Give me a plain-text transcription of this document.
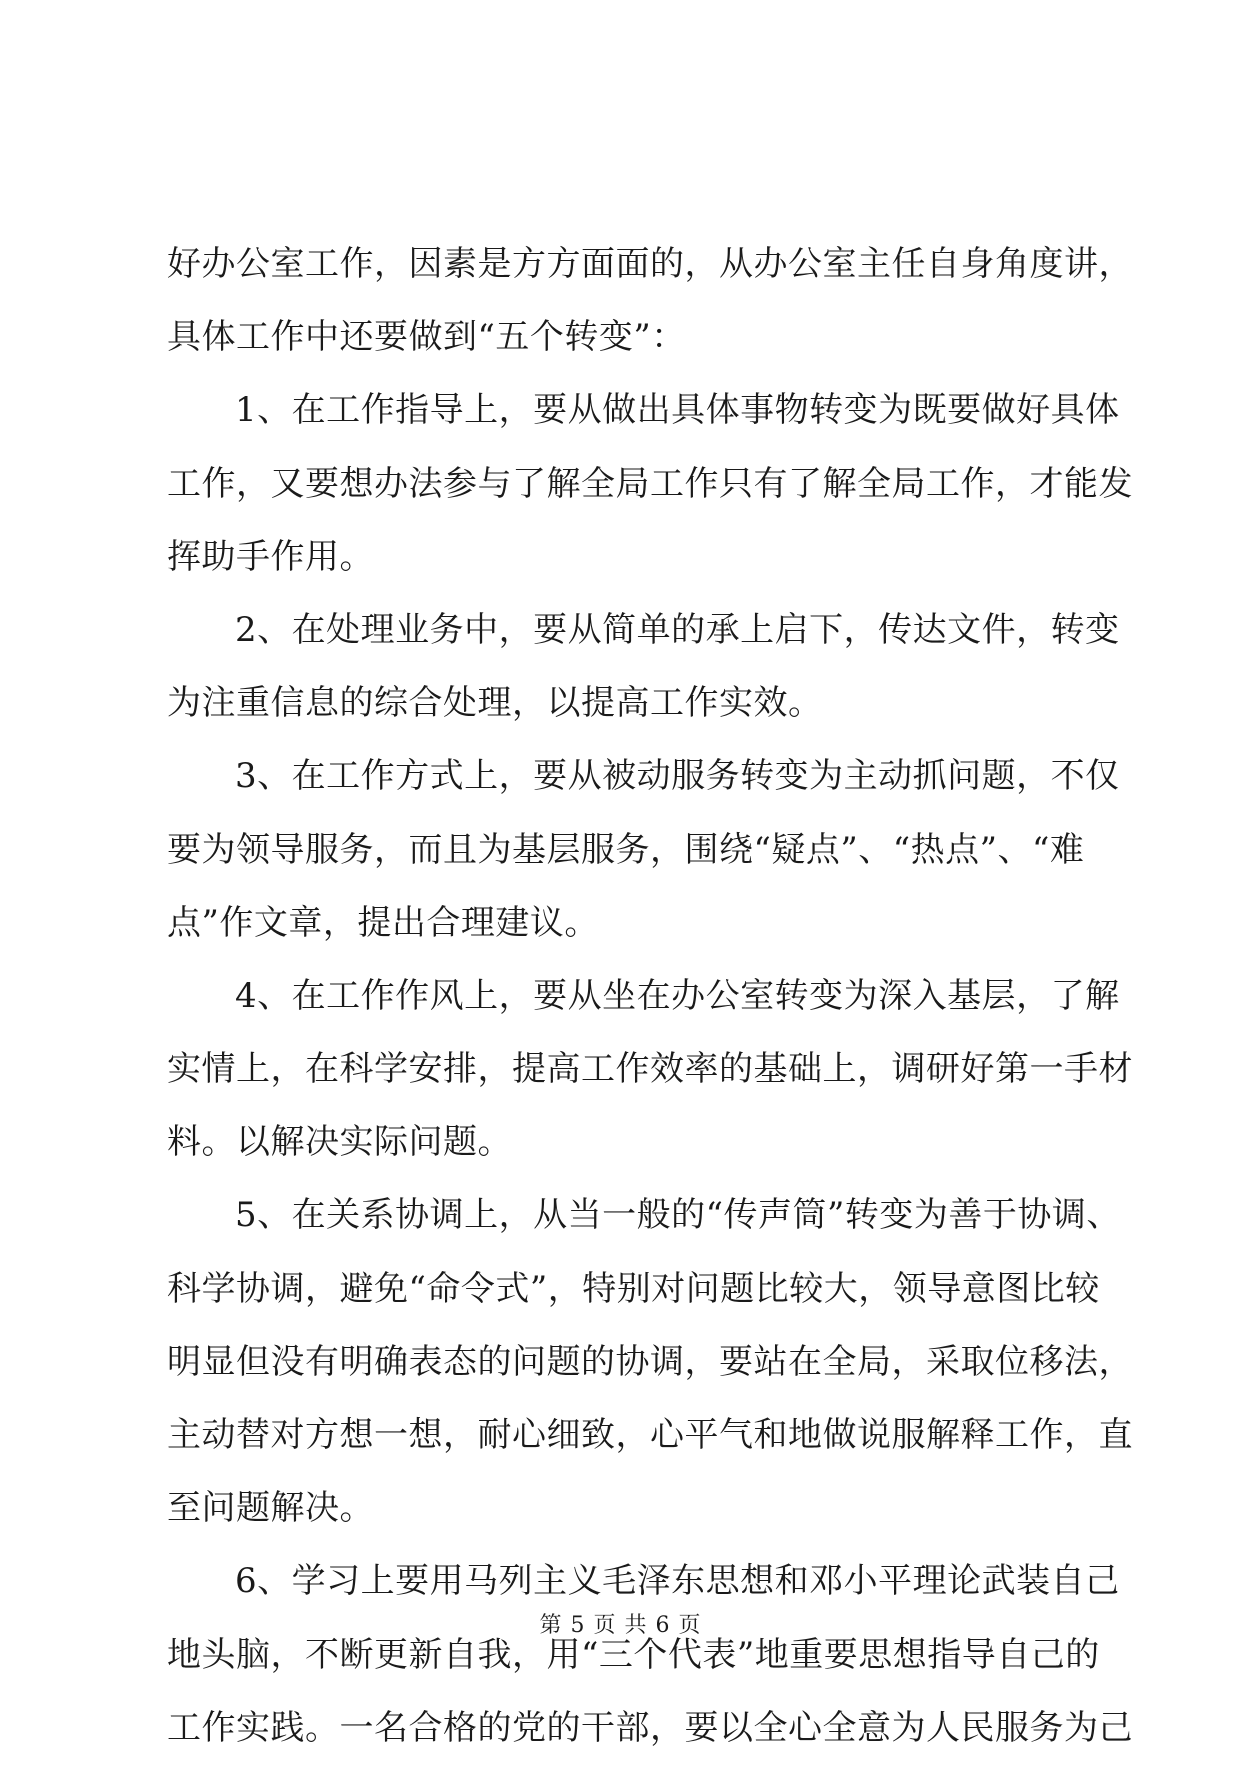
好办公室工作，因素是方方面面的，从办公室主任自身角度讲，
具体工作中还要做到“五个转变”：
1、在工作指导上，要从做出具体事物转变为既要做好具体
工作，又要想办法参与了解全局工作只有了解全局工作，才能发
挥助手作用。
2、在处理业务中，要从简单的承上启下，传达文件，转变
为注重信息的综合处理，以提高工作实效。
3、在工作方式上，要从被动服务转变为主动抓问题，不仅
要为领导服务，而且为基层服务，围绕“疑点”、“热点”、“难
点”作文章，提出合理建议。
4、在工作作风上，要从坐在办公室转变为深入基层，了解
实情上，在科学安排，提高工作效率的基础上，调研好第一手材
料。以解决实际问题。
5、在关系协调上，从当一般的“传声筒”转变为善于协调、
科学协调，避免“命令式”，特别对问题比较大，领导意图比较
明显但没有明确表态的问题的协调，要站在全局，采取位移法，
主动替对方想一想，耐心细致，心平气和地做说服解释工作，直
至问题解决。
6、学习上要用马列主义毛泽东思想和邓小平理论武装自己
地头脑，不断更新自我，用“三个代表”地重要思想指导自己的
工作实践。一名合格的党的干部，要以全心全意为人民服务为己
第 5 页 共 6 页
